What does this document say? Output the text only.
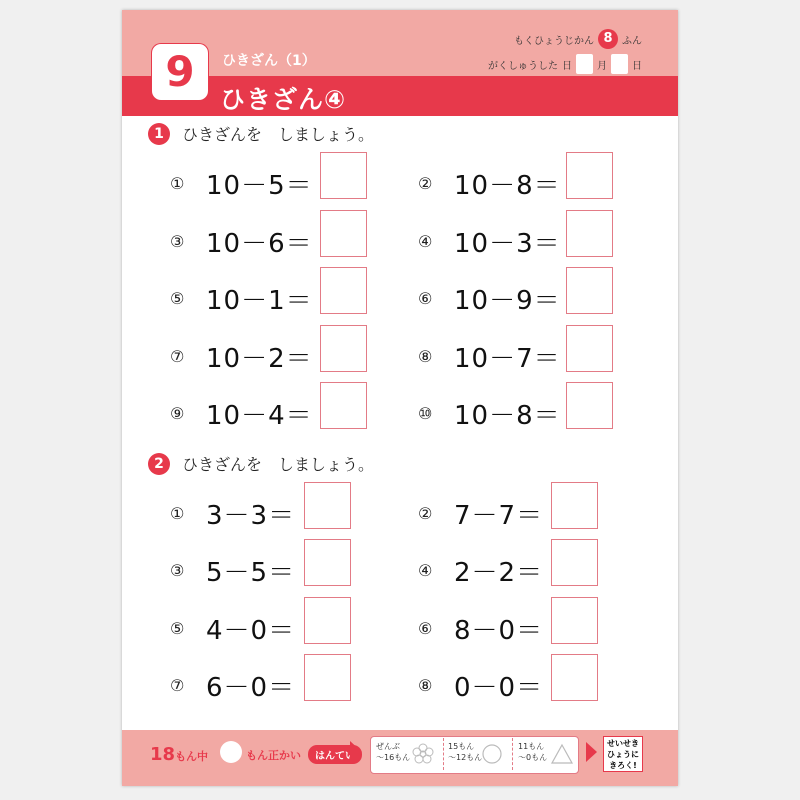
9	ひきざん（1）
ひきざん④
もくひょうじかん 8 ふん
がくしゅうした 日	月	日
1	ひきざんを　しましょう。
① 10－5＝	② 10－8＝
③ 10－6＝	④ 10－3＝
⑤ 10－1＝	⑥ 10－9＝
⑦ 10－2＝	⑧ 10－7＝
⑨ 10－4＝	⑩ 10－8＝
2	ひきざんを　しましょう。
① 3－3＝	② 7－7＝
③ 5－5＝	④ 2－2＝
⑤ 4－0＝	⑥ 8－0＝
⑦ 6－0＝	⑧ 0－0＝
18もん中	もん正かい	はんてい
ぜんぶ
～16もん
15もん
～12もん
11もん
～0もん
せいせき
ひょうに
きろく!
